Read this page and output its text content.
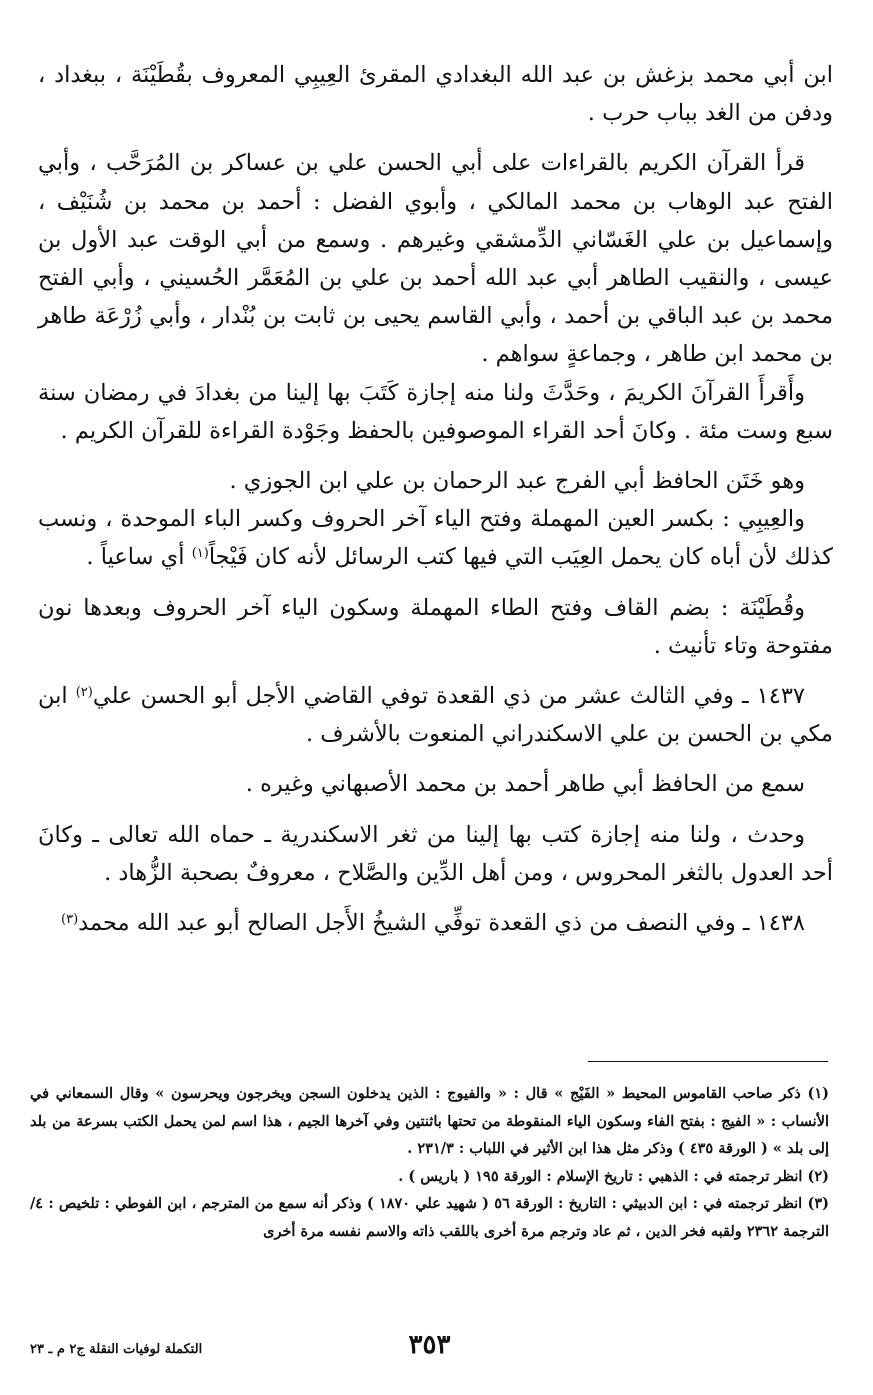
ابن أبي محمد بزغش بن عبد الله البغدادي المقرئ العِيبِي المعروف بقُطَيْنَة ، ببغداد ، ودفن من الغد بباب حرب .

قرأ القرآن الكريم بالقراءات على أبي الحسن علي بن عساكر بن المُرَحَّب ، وأبي الفتح عبد الوهاب بن محمد المالكي ، وأبوي الفضل : أحمد بن محمد بن شُنَيْف ، وإسماعيل بن علي الغَسّاني الدِّمشقي وغيرهم . وسمع من أبي الوقت عبد الأول بن عيسى ، والنقيب الطاهر أبي عبد الله أحمد بن علي بن المُعَمَّر الحُسيني ، وأبي الفتح محمد بن عبد الباقي بن أحمد ، وأبي القاسم يحيى بن ثابت بن بُنْدار ، وأبي زُرْعَة طاهر بن محمد ابن طاهر ، وجماعةٍ سواهم .

وأَقرأَ القرآنَ الكريمَ ، وحَدَّثَ ولنا منه إجازة كَتَبَ بها إلينا من بغدادَ في رمضان سنة سبع وست مئة . وكانَ أحد القراء الموصوفين بالحفظ وجَوْدة القراءة للقرآن الكريم .

وهو خَتَن الحافظ أبي الفرج عبد الرحمان بن علي ابن الجوزي .

والعِيبِي : بكسر العين المهملة وفتح الياء آخر الحروف وكسر الباء الموحدة ، ونسب كذلك لأن أباه كان يحمل العِيَب التي فيها كتب الرسائل لأنه كان فَيْجاً$^{(١)}$ أي ساعياً .

وقُطَيْنَة : بضم القاف وفتح الطاء المهملة وسكون الياء آخر الحروف وبعدها نون مفتوحة وتاء تأنيث .

١٤٣٧ ـ وفي الثالث عشر من ذي القعدة توفي القاضي الأجل أبو الحسن علي$^{(٢)}$ ابن مكي بن الحسن بن علي الاسكندراني المنعوت بالأشرف .

سمع من الحافظ أبي طاهر أحمد بن محمد الأصبهاني وغيره .

وحدث ، ولنا منه إجازة كتب بها إلينا من ثغر الاسكندرية ـ حماه الله تعالى ـ وكانَ أحد العدول بالثغر المحروس ، ومن أهل الدِّين والصَّلاح ، معروفٌ بصحبة الزُّهاد .

١٤٣٨ ـ وفي النصف من ذي القعدة توفِّي الشيخُ الأَجل الصالح أبو عبد الله محمد$^{(٣)}$

(١) ذكر صاحب القاموس المحيط « الفَيْج » قال : « والفيوج : الذين يدخلون السجن ويخرجون ويحرسون » وقال السمعاني في الأنساب : « الفيج : بفتح الفاء وسكون الياء المنقوطة من تحتها باثنتين وفي آخرها الجيم ، هذا اسم لمن يحمل الكتب بسرعة من بلد إلى بلد » ( الورقة ٤٣٥ ) وذكر مثل هذا ابن الأثير في اللباب : ٢٣١/٣ .

(٢) انظر ترجمته في : الذهبي : تاريخ الإسلام : الورقة ١٩٥ ( باريس ) .

(٣) انظر ترجمته في : ابن الدبيثي : التاريخ : الورقة ٥٦ ( شهيد علي ١٨٧٠ ) وذكر أنه سمع من المترجم ، ابن الفوطي : تلخيص : ٤/الترجمة ٢٣٦٢ ولقبه فخر الدين ، ثم عاد وترجم مرة أخرى باللقب ذاته والاسم نفسه مرة أخرى

٣٥٣
التكملة لوفيات النقلة ج٢ م ـ ٢٣
